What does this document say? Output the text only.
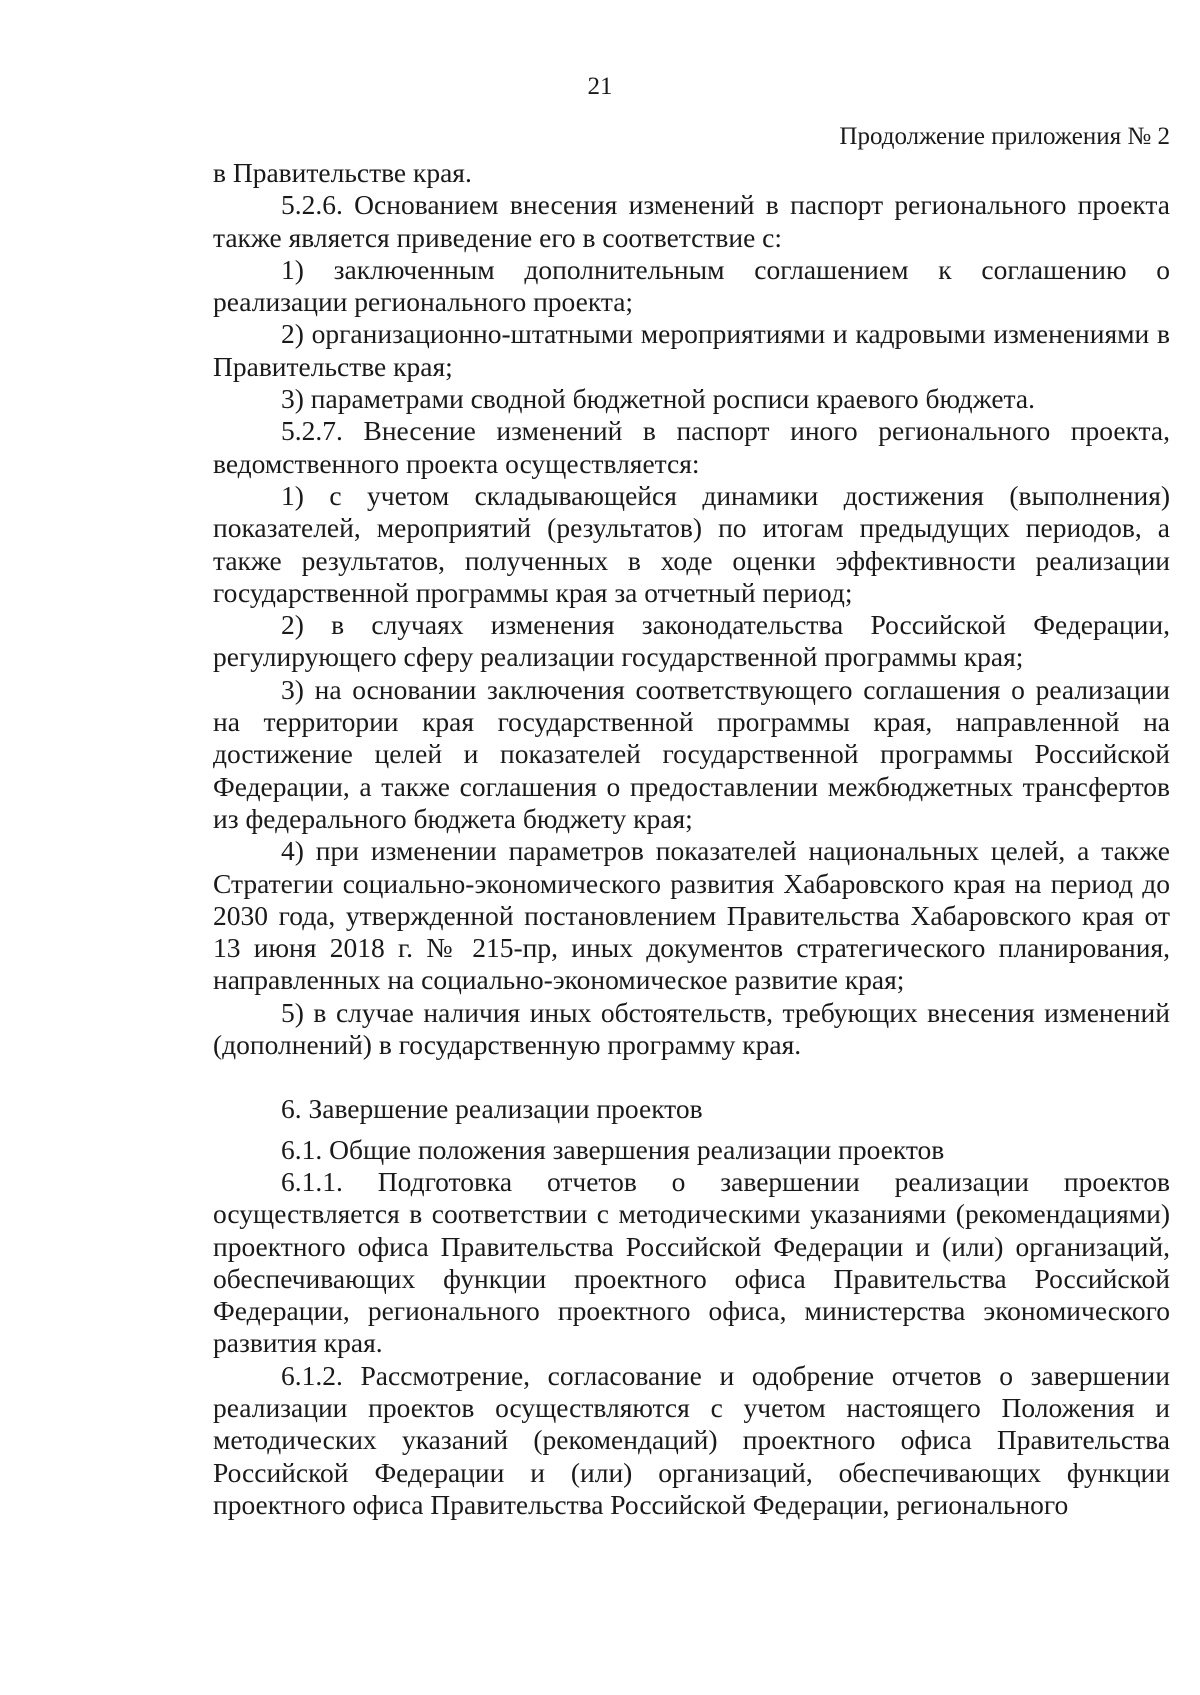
21
Продолжение приложения № 2

в Правительстве края.

5.2.6. Основанием внесения изменений в паспорт регионального проекта также является приведение его в соответствие с:

1) заключенным дополнительным соглашением к соглашению о реализации регионального проекта;

2) организационно-штатными мероприятиями и кадровыми изменениями в Правительстве края;

3) параметрами сводной бюджетной росписи краевого бюджета.

5.2.7. Внесение изменений в паспорт иного регионального проекта, ведомственного проекта осуществляется:

1) с учетом складывающейся динамики достижения (выполнения) показателей, мероприятий (результатов) по итогам предыдущих периодов, а также результатов, полученных в ходе оценки эффективности реализации государственной программы края за отчетный период;

2) в случаях изменения законодательства Российской Федерации, регулирующего сферу реализации государственной программы края;

3) на основании заключения соответствующего соглашения о реализации на территории края государственной программы края, направленной на достижение целей и показателей государственной программы Российской Федерации, а также соглашения о предоставлении межбюджетных трансфертов из федерального бюджета бюджету края;

4) при изменении параметров показателей национальных целей, а также Стратегии социально-экономического развития Хабаровского края на период до 2030 года, утвержденной постановлением Правительства Хабаровского края от 13 июня 2018 г. № 215-пр, иных документов стратегического планирования, направленных на социально-экономическое развитие края;

5) в случае наличия иных обстоятельств, требующих внесения изменений (дополнений) в государственную программу края.

6. Завершение реализации проектов

6.1. Общие положения завершения реализации проектов

6.1.1. Подготовка отчетов о завершении реализации проектов осуществляется в соответствии с методическими указаниями (рекомендациями) проектного офиса Правительства Российской Федерации и (или) организаций, обеспечивающих функции проектного офиса Правительства Российской Федерации, регионального проектного офиса, министерства экономического развития края.

6.1.2. Рассмотрение, согласование и одобрение отчетов о завершении реализации проектов осуществляются с учетом настоящего Положения и методических указаний (рекомендаций) проектного офиса Правительства Российской Федерации и (или) организаций, обеспечивающих функции проектного офиса Правительства Российской Федерации, регионального
